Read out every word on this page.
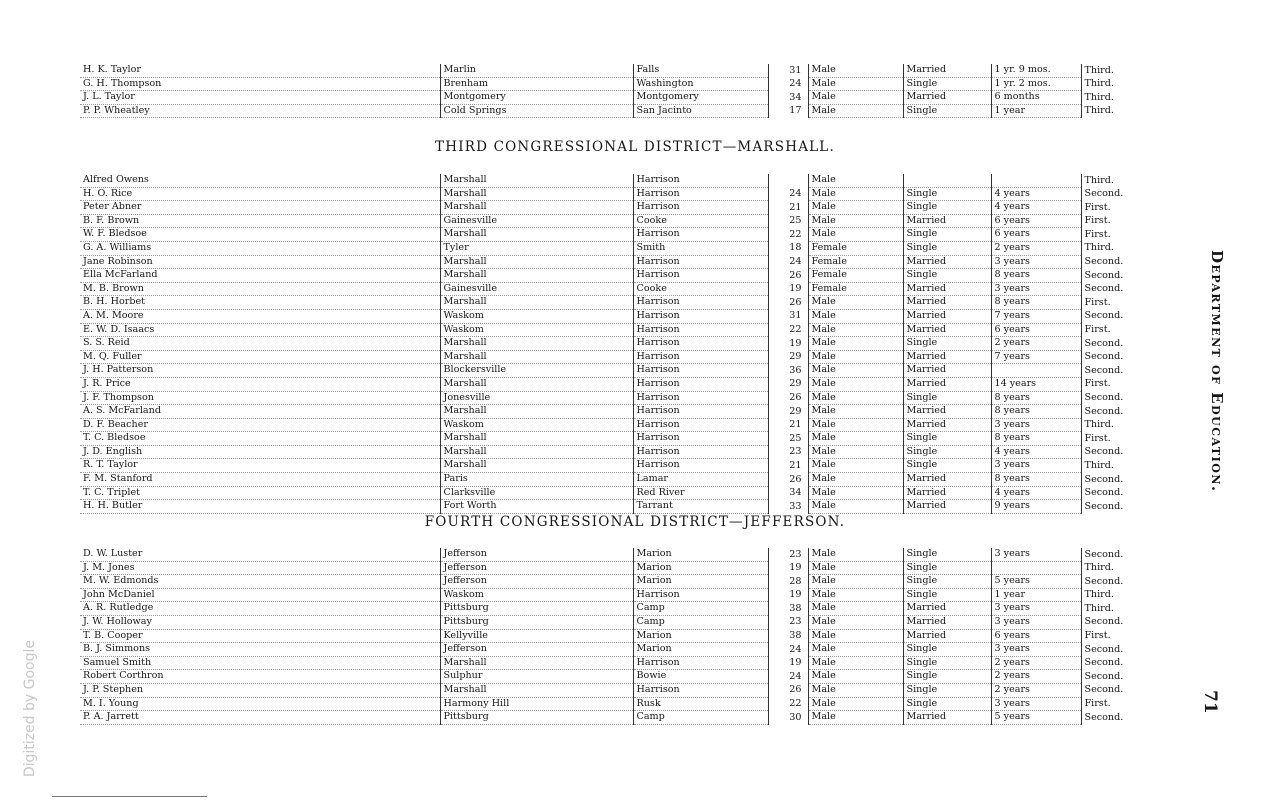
H. K. Taylor	Marlin	Falls	31	Male	Married	1 yr. 9 mos.	Third.
G. H. Thompson	Brenham	Washington	24	Male	Single	1 yr. 2 mos.	Third.
J. L. Taylor	Montgomery	Montgomery	34	Male	Married	6 months	Third.
P. P. Wheatley	Cold Springs	San Jacinto	17	Male	Single	1 year	Third.
THIRD CONGRESSIONAL DISTRICT—MARSHALL.
Alfred Owens	Marshall	Harrison		Male			Third.
H. O. Rice	Marshall	Harrison	24	Male	Single	4 years	Second.
Peter Abner	Marshall	Harrison	21	Male	Single	4 years	First.
B. F. Brown	Gainesville	Cooke	25	Male	Married	6 years	First.
W. F. Bledsoe	Marshall	Harrison	22	Male	Single	6 years	First.
G. A. Williams	Tyler	Smith	18	Female	Single	2 years	Third.
Jane Robinson	Marshall	Harrison	24	Female	Married	3 years	Second.
Ella McFarland	Marshall	Harrison	26	Female	Single	8 years	Second.
M. B. Brown	Gainesville	Cooke	19	Female	Married	3 years	Second.
B. H. Horbet	Marshall	Harrison	26	Male	Married	8 years	First.
A. M. Moore	Waskom	Harrison	31	Male	Married	7 years	Second.
E. W. D. Isaacs	Waskom	Harrison	22	Male	Married	6 years	First.
S. S. Reid	Marshall	Harrison	19	Male	Single	2 years	Second.
M. Q. Fuller	Marshall	Harrison	29	Male	Married	7 years	Second.
J. H. Patterson	Blockersville	Harrison	36	Male	Married		Second.
J. R. Price	Marshall	Harrison	29	Male	Married	14 years	First.
J. F. Thompson	Jonesville	Harrison	26	Male	Single	8 years	Second.
A. S. McFarland	Marshall	Harrison	29	Male	Married	8 years	Second.
D. F. Beacher	Waskom	Harrison	21	Male	Married	3 years	Third.
T. C. Bledsoe	Marshall	Harrison	25	Male	Single	8 years	First.
J. D. English	Marshall	Harrison	23	Male	Single	4 years	Second.
R. T. Taylor	Marshall	Harrison	21	Male	Single	3 years	Third.
F. M. Stanford	Paris	Lamar	26	Male	Married	8 years	Second.
T. C. Triplet	Clarksville	Red River	34	Male	Married	4 years	Second.
H. H. Butler	Fort Worth	Tarrant	33	Male	Married	9 years	Second.
FOURTH CONGRESSIONAL DISTRICT—JEFFERSON.
D. W. Luster	Jefferson	Marion	23	Male	Single	3 years	Second.
J. M. Jones	Jefferson	Marion	19	Male	Single		Third.
M. W. Edmonds	Jefferson	Marion	28	Male	Single	5 years	Second.
John McDaniel	Waskom	Harrison	19	Male	Single	1 year	Third.
A. R. Rutledge	Pittsburg	Camp	38	Male	Married	3 years	Third.
J. W. Holloway	Pittsburg	Camp	23	Male	Married	3 years	Second.
T. B. Cooper	Kellyville	Marion	38	Male	Married	6 years	First.
B. J. Simmons	Jefferson	Marion	24	Male	Single	3 years	Second.
Samuel Smith	Marshall	Harrison	19	Male	Single	2 years	Second.
Robert Corthron	Sulphur	Bowie	24	Male	Single	2 years	Second.
J. P. Stephen	Marshall	Harrison	26	Male	Single	2 years	Second.
M. I. Young	Harmony Hill	Rusk	22	Male	Single	3 years	First.
P. A. Jarrett	Pittsburg	Camp	30	Male	Married	5 years	Second.
Department of Education.
71
Digitized by Google
